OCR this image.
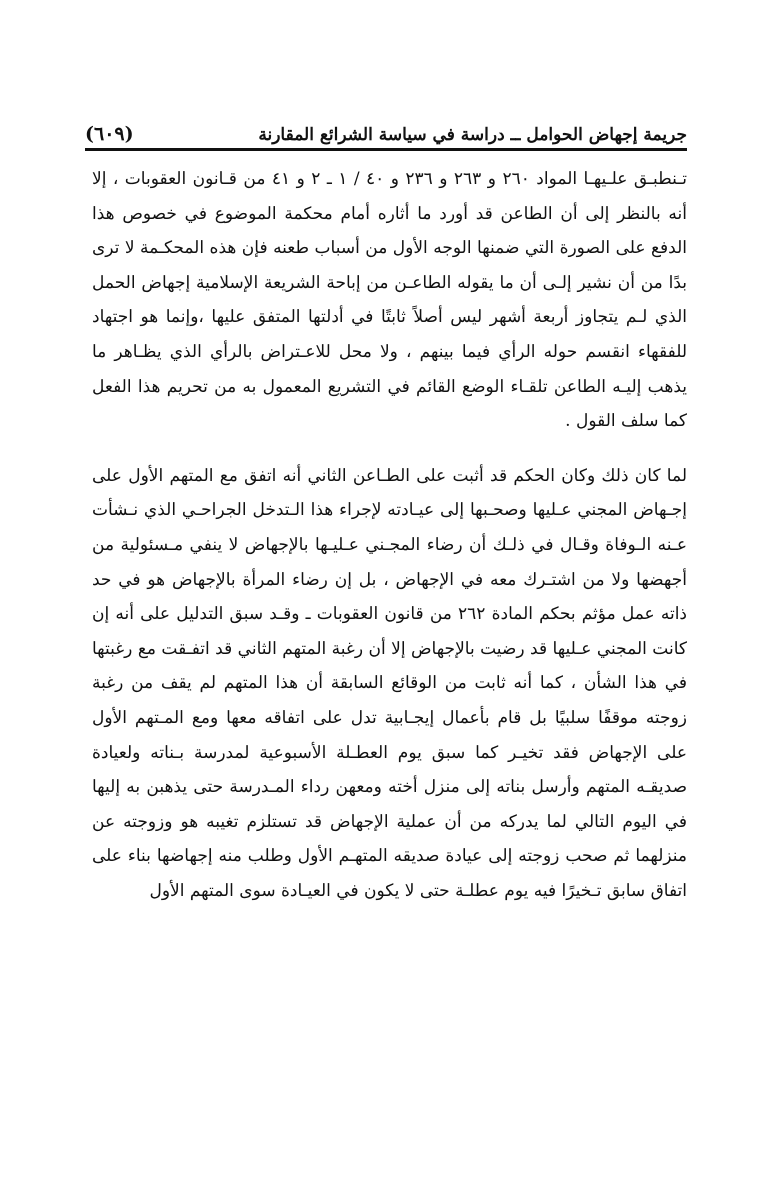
جريمة إجهاض الحوامل ــ دراسة في سياسة الشرائع المقارنة
(٦٠٩)

تـنطبـق علـيهـا المواد ٢٦٠ و ٢٦٣ و ٢٣٦ و ٤٠ / ١ ـ ٢ و ٤١ من قـانون العقوبات ، إلا أنه بالنظر إلى أن الطاعن قد أورد ما أثاره أمام محكمة الموضوع في خصوص هذا الدفع على الصورة التي ضمنها الوجه الأول من أسباب طعنه فإن هذه المحكـمة لا ترى بدًا من أن نشير إلـى أن ما يقوله الطاعـن من إباحة الشريعة الإسلامية إجهاض الحمل الذي لـم يتجاوز أربعة أشهر ليس أصلاً ثابتًا في أدلتها المتفق عليها ،وإنما هو اجتهاد للفقهاء انقسم حوله الرأي فيما بينهم ، ولا محل للاعـتراض بالرأي الذي يظـاهر ما يذهب إليـه الطاعن تلقـاء الوضع القائم في التشريع المعمول به من تحريم هذا الفعل كما سلف القول .

لما كان ذلك وكان الحكم قد أثبت على الطـاعن الثاني أنه اتفق مع المتهم الأول على إجـهاض المجني عـليها وصحـبها إلى عيـادته لإجراء هذا الـتدخل الجراحـي الذي نـشأت عـنه الـوفاة وقـال في ذلـك أن رضاء المجـني عـليـها بالإجهاض لا ينفي مـسئولية من أجهضها ولا من اشتـرك معه في الإجهاض ، بل إن رضاء المرأة بالإجهاض هو في حد ذاته عمل مؤثم بحكم المادة ٢٦٢ من قانون العقوبات ـ وقـد سبق التدليل على أنه إن كانت المجني عـليها قد رضيت بالإجهاض إلا أن رغبة المتهم الثاني قد اتفـقت مع رغبتها في هذا الشأن ، كما أنه ثابت من الوقائع السابقة أن هذا المتهم لم يقف من رغبة زوجته موقفًا سلبيًا بل قام بأعمال إيجـابية تدل على اتفاقه معها ومع المـتهم الأول على الإجهاض فقد تخيـر كما سبق يوم العطـلة الأسبوعية لمدرسة بـناته ولعيادة صديقـه المتهم وأرسل بناته إلى منزل أخته ومعهن رداء المـدرسة حتى يذهبن به إليها في اليوم التالي لما يدركه من أن عملية الإجهاض قد تستلزم تغيبه هو وزوجته عن منزلهما ثم صحب زوجته إلى عيادة صديقه المتهـم الأول وطلب منه إجهاضها بناء على اتفاق سابق تـخيرًا فيه يوم عطلـة حتى لا يكون في العيـادة سوى المتهم الأول
